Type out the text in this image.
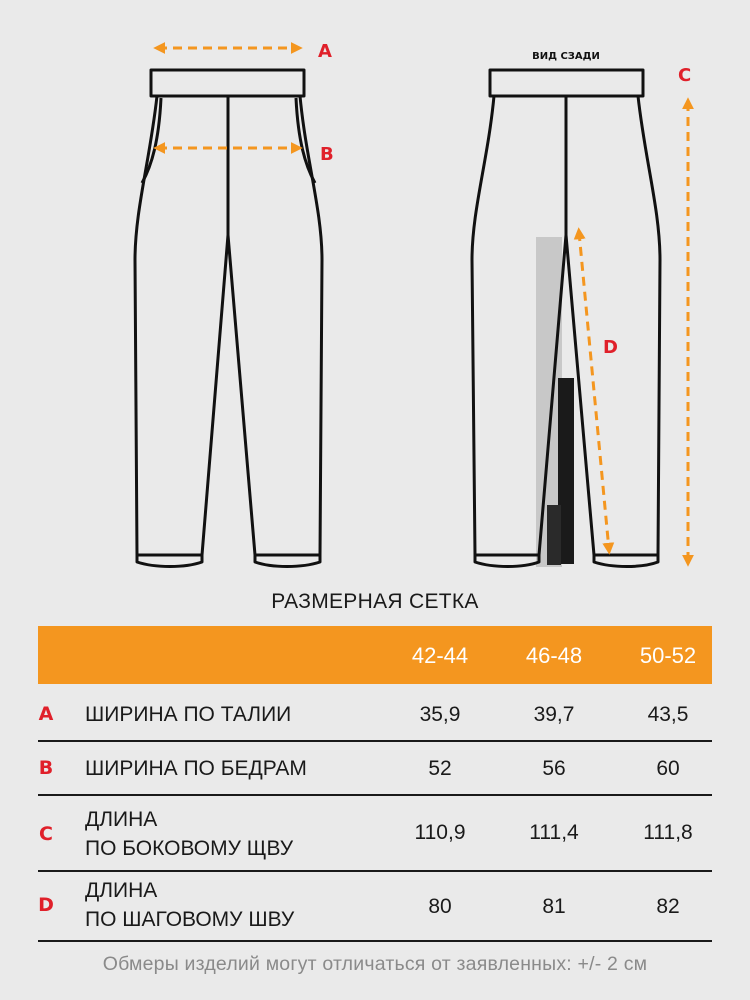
A
B
C
D
ВИД СЗАДИ
РАЗМЕРНАЯ СЕТКА
42-44	46-48	50-52
A ШИРИНА ПО ТАЛИИ	35,9	39,7	43,5
B ШИРИНА ПО БЕДРАМ	52	56	60
C
ДЛИНА
ПО БОКОВОМУ ЩВУ
110,9	111,4	111,8
D
ДЛИНА
ПО ШАГОВОМУ ШВУ
80	81	82
Обмеры изделий могут отличаться от заявленных: +/- 2 см
